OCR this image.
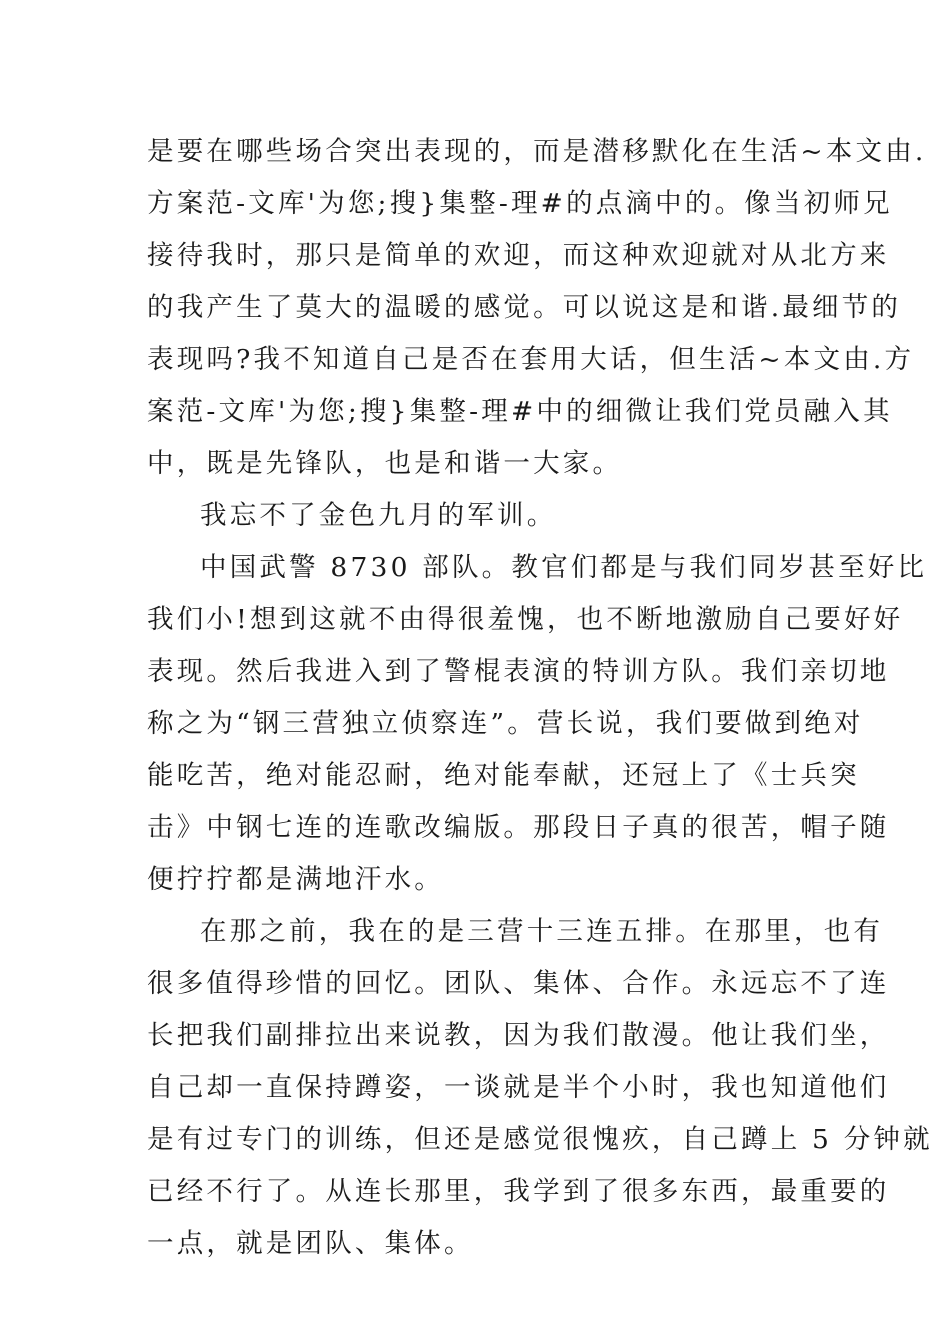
是要在哪些场合突出表现的，而是潜移默化在生活~本文由.
方案范-文库'为您;搜}集整-理#的点滴中的。像当初师兄
接待我时，那只是简单的欢迎，而这种欢迎就对从北方来
的我产生了莫大的温暖的感觉。可以说这是和谐.最细节的
表现吗?我不知道自己是否在套用大话，但生活~本文由.方
案范-文库'为您;搜}集整-理#中的细微让我们党员融入其
中，既是先锋队，也是和谐一大家。
我忘不了金色九月的军训。
中国武警 8730 部队。教官们都是与我们同岁甚至好比
我们小!想到这就不由得很羞愧，也不断地激励自己要好好
表现。然后我进入到了警棍表演的特训方队。我们亲切地
称之为“钢三营独立侦察连”。营长说，我们要做到绝对
能吃苦，绝对能忍耐，绝对能奉献，还冠上了《士兵突
击》中钢七连的连歌改编版。那段日子真的很苦，帽子随
便拧拧都是满地汗水。
在那之前，我在的是三营十三连五排。在那里，也有
很多值得珍惜的回忆。团队、集体、合作。永远忘不了连
长把我们副排拉出来说教，因为我们散漫。他让我们坐，
自己却一直保持蹲姿，一谈就是半个小时，我也知道他们
是有过专门的训练，但还是感觉很愧疚，自己蹲上 5 分钟就
已经不行了。从连长那里，我学到了很多东西，最重要的
一点，就是团队、集体。
